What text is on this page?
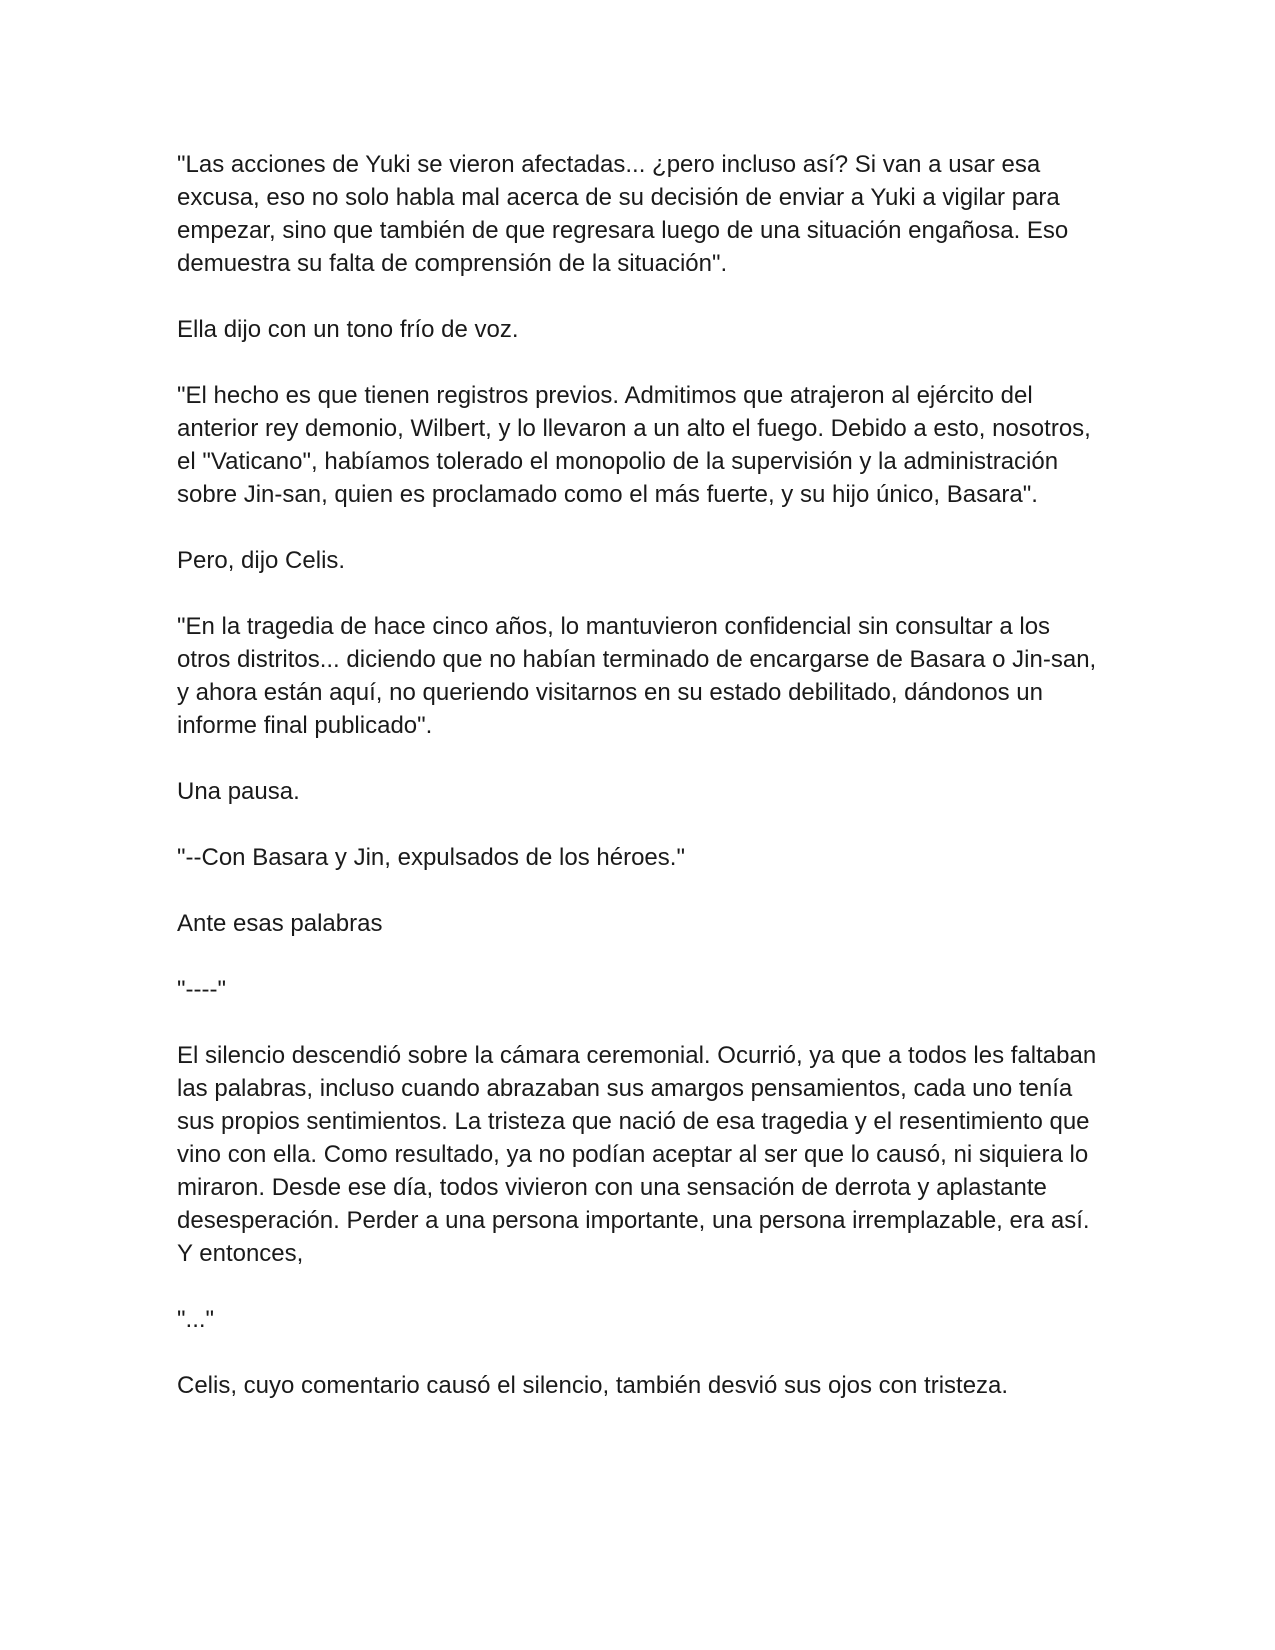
"Las acciones de Yuki se vieron afectadas... ¿pero incluso así? Si van a usar esa excusa, eso no solo habla mal acerca de su decisión de enviar a Yuki a vigilar para empezar, sino que también de que regresara luego de una situación engañosa. Eso demuestra su falta de comprensión de la situación".

Ella dijo con un tono frío de voz.

"El hecho es que tienen registros previos. Admitimos que atrajeron al ejército del anterior rey demonio, Wilbert, y lo llevaron a un alto el fuego. Debido a esto, nosotros, el "Vaticano", habíamos tolerado el monopolio de la supervisión y la administración sobre Jin-san, quien es proclamado como el más fuerte, y su hijo único, Basara".

Pero, dijo Celis.

"En la tragedia de hace cinco años, lo mantuvieron confidencial sin consultar a los otros distritos... diciendo que no habían terminado de encargarse de Basara o Jin-san, y ahora están aquí, no queriendo visitarnos en su estado debilitado, dándonos un informe final publicado".

Una pausa.

"--Con Basara y Jin, expulsados de los héroes."

Ante esas palabras

"----"

El silencio descendió sobre la cámara ceremonial. Ocurrió, ya que a todos les faltaban las palabras, incluso cuando abrazaban sus amargos pensamientos, cada uno tenía sus propios sentimientos. La tristeza que nació de esa tragedia y el resentimiento que vino con ella. Como resultado, ya no podían aceptar al ser que lo causó, ni siquiera lo miraron. Desde ese día, todos vivieron con una sensación de derrota y aplastante desesperación. Perder a una persona importante, una persona irremplazable, era así. Y entonces,

"..."

Celis, cuyo comentario causó el silencio, también desvió sus ojos con tristeza.
